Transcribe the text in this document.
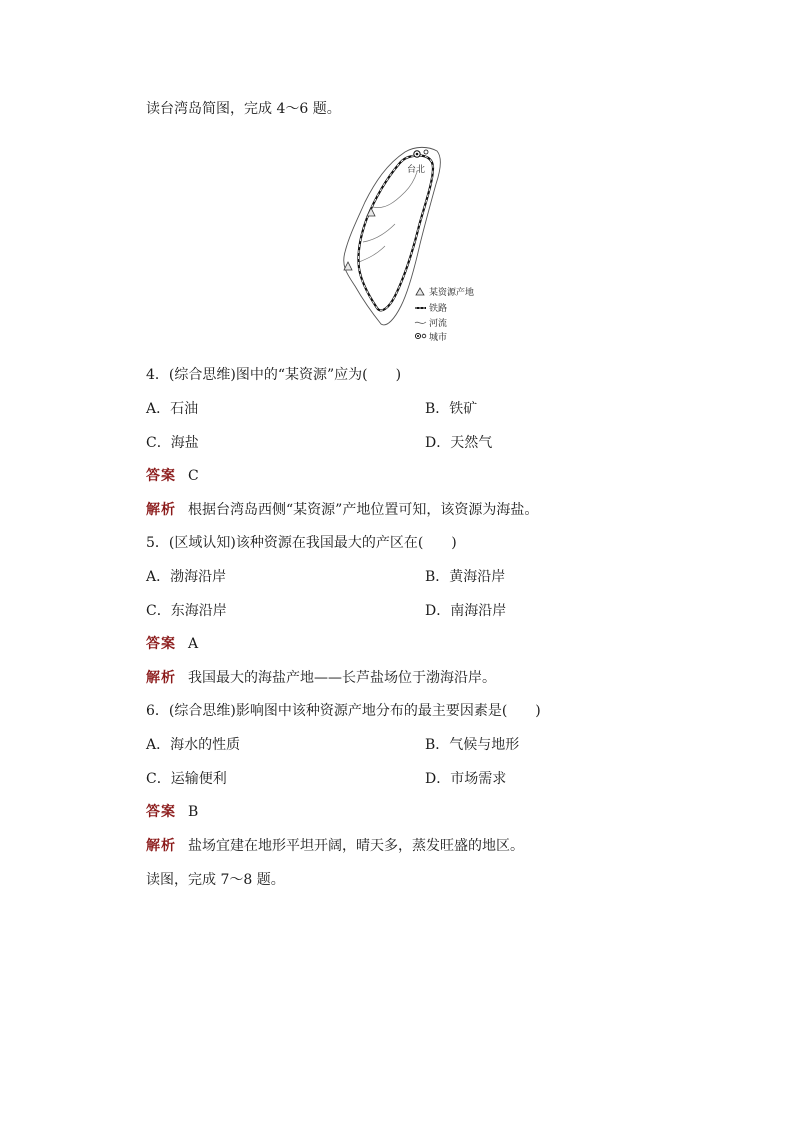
读台湾岛简图，完成 4～6 题。
台北
某资源产地
铁路
河流
城市
4．(综合思维)图中的“某资源”应为(　　)
A．石油	B．铁矿
C．海盐	D．天然气
答案 C
解析 根据台湾岛西侧“某资源”产地位置可知，该资源为海盐。
5．(区域认知)该种资源在我国最大的产区在(　　)
A．渤海沿岸	B．黄海沿岸
C．东海沿岸	D．南海沿岸
答案 A
解析 我国最大的海盐产地——长芦盐场位于渤海沿岸。
6．(综合思维)影响图中该种资源产地分布的最主要因素是(　　)
A．海水的性质	B．气候与地形
C．运输便利	D．市场需求
答案 B
解析 盐场宜建在地形平坦开阔，晴天多，蒸发旺盛的地区。
读图，完成 7～8 题。
